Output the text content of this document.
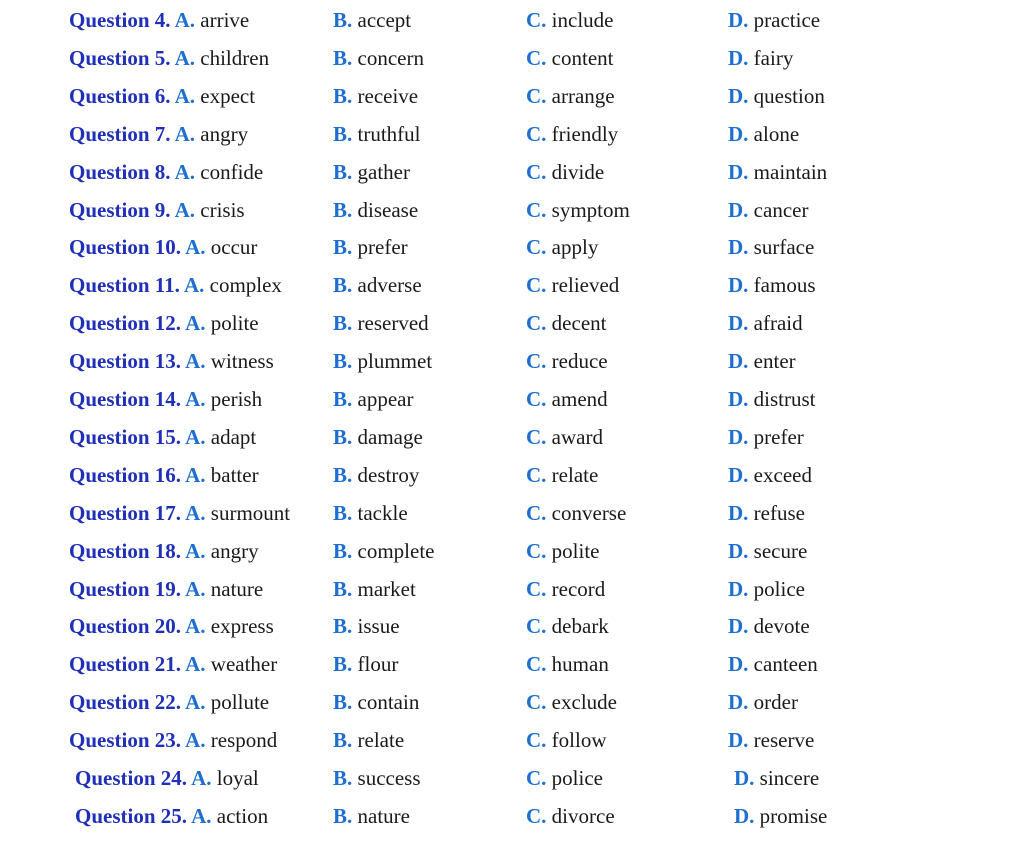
Question 4. A. arrive	B. accept	C. include	D. practice
Question 5. A. children	B. concern	C. content	D. fairy
Question 6. A. expect	B. receive	C. arrange	D. question
Question 7. A. angry	B. truthful	C. friendly	D. alone
Question 8. A. confide	B. gather	C. divide	D. maintain
Question 9. A. crisis	B. disease	C. symptom	D. cancer
Question 10. A. occur	B. prefer	C. apply	D. surface
Question 11. A. complex B. adverse	C. relieved	D. famous
Question 12. A. polite	B. reserved	C. decent	D. afraid
Question 13. A. witness	B. plummet	C. reduce	D. enter
Question 14. A. perish	B. appear	C. amend	D. distrust
Question 15. A. adapt	B. damage	C. award	D. prefer
Question 16. A. batter	B. destroy	C. relate	D. exceed
Question 17. A. surmount B. tackle	C. converse	D. refuse
Question 18. A. angry	B. complete	C. polite	D. secure
Question 19. A. nature	B. market	C. record	D. police
Question 20. A. express	B. issue	C. debark	D. devote
Question 21. A. weather	B. flour	C. human	D. canteen
Question 22. A. pollute	B. contain	C. exclude	D. order
Question 23. A. respond	B. relate	C. follow	D. reserve
Question 24. A. loyal	B. success	C. police	D. sincere
Question 25. A. action	B. nature	C. divorce	D. promise
